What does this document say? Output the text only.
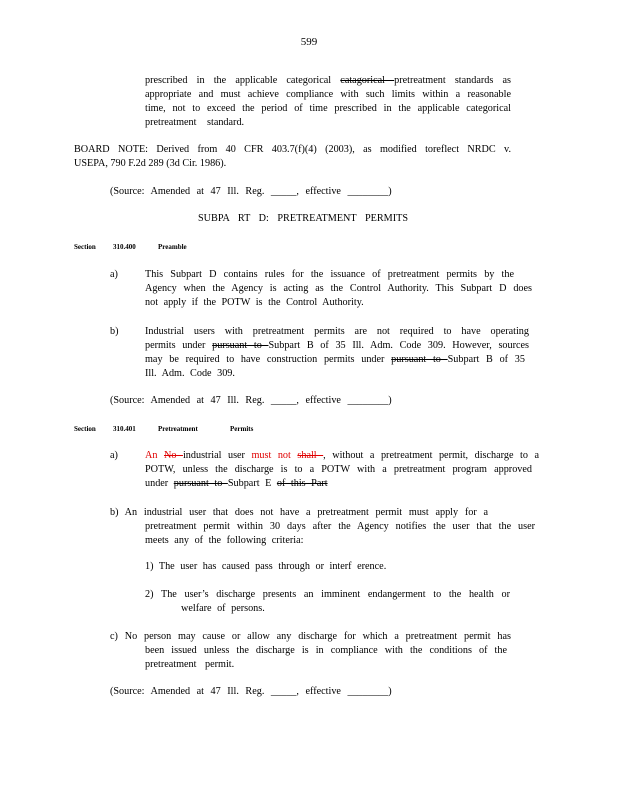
599
prescribed in the applicable categorical catagorical pretreatment standards as
appropriate and must achieve compliance with such limits within a reasonable
time, not to exceed the period of time prescribed in the applicable categorical
pretreatment standard.
BOARD NOTE: Derived from 40 CFR 403.7(f)(4) (2003), as modified toreflect NRDC v.
USEPA, 790 F.2d 289 (3d Cir. 1986).
(Source: Amended at 47 Ill. Reg. _____, effective ________)
SUBPA RT D: PRETREATMENT PERMITS
Section 310.400	Preamble
a)	This Subpart D contains rules for the issuance of pretreatment permits by the
Agency when the Agency is acting as the Control Authority. This Subpart D does
not apply if the POTW is the Control Authority.
b)	Industrial users with pretreatment permits are not required to have operating
permits under pursuant to Subpart B of 35 Ill. Adm. Code 309. However, sources
may be required to have construction permits under pursuant to Subpart B of 35
Ill. Adm. Code 309.
(Source: Amended at 47 Ill. Reg. _____, effective ________)
Section 310.401	Pretreatment	Permits
a)	An No industrial user must not shall , without a pretreatment permit, discharge to a
POTW, unless the discharge is to a POTW with a pretreatment program approved
under pursuant to Subpart E of this Part
b) An industrial user that does not have a pretreatment permit must apply for a
pretreatment permit within 30 days after the Agency notifies the user that the user
meets any of the following criteria:
1) The user has caused pass through or interf erence.
2) The user’s discharge presents an imminent endangerment to the health or
welfare of persons.
c) No person may cause or allow any discharge for which a pretreatment permit has
been issued unless the discharge is in compliance with the conditions of the
pretreatment permit.
(Source: Amended at 47 Ill. Reg. _____, effective ________)
